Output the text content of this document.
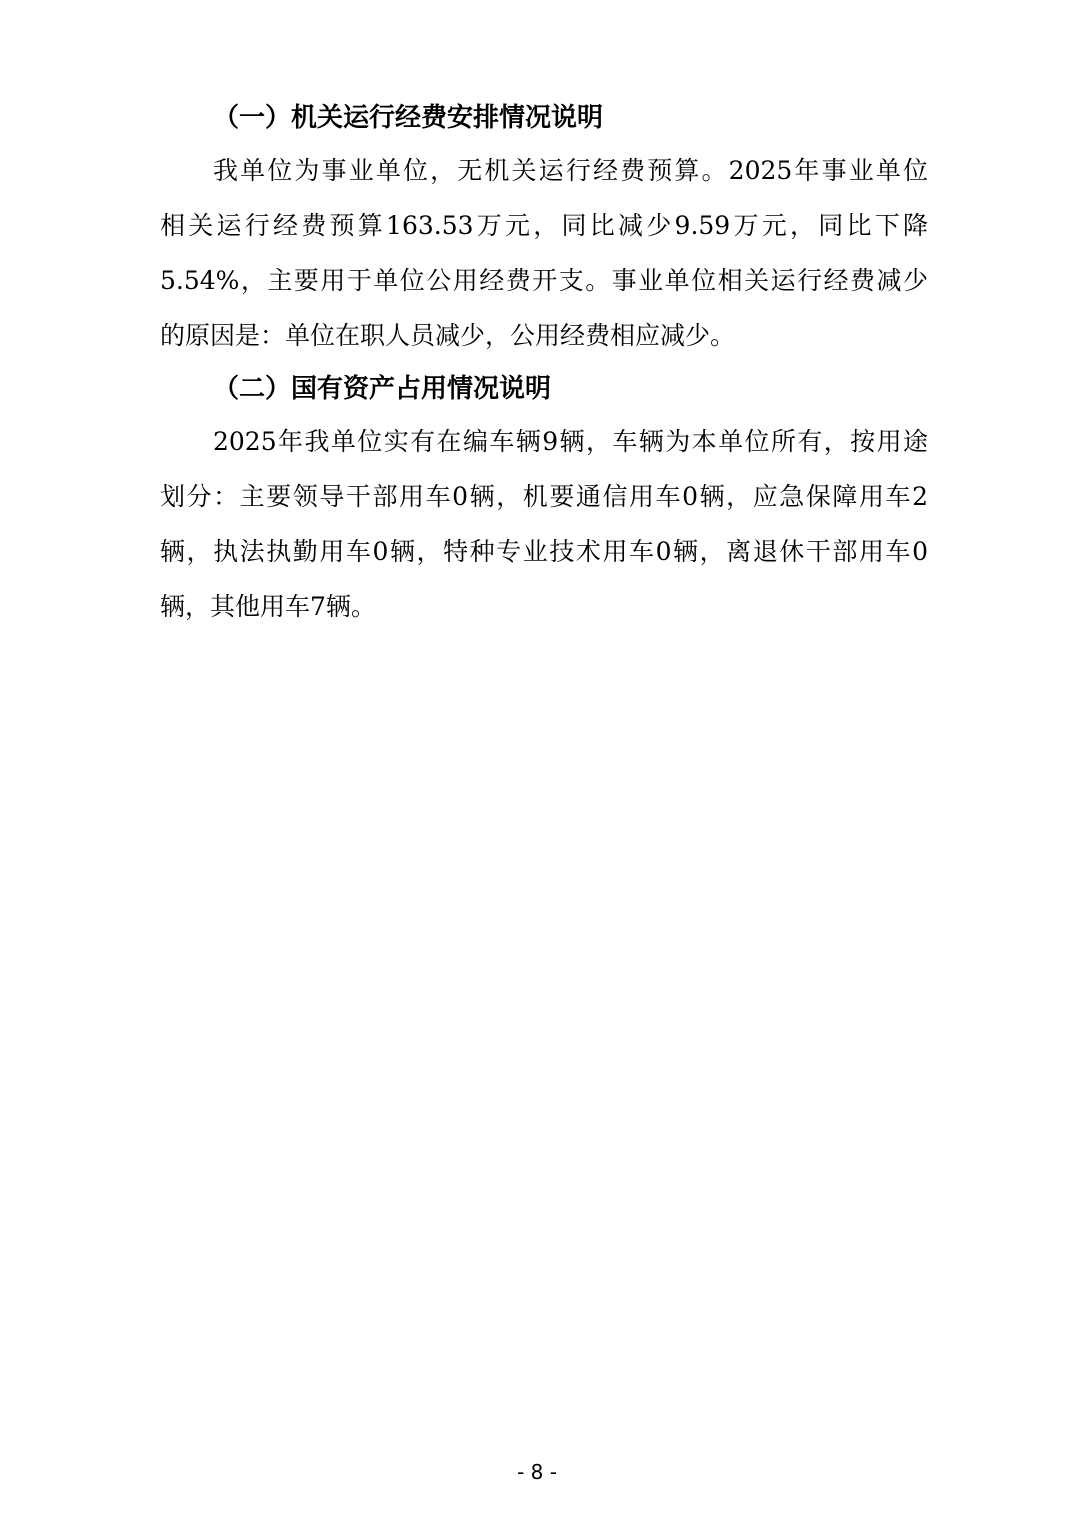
（一）机关运行经费安排情况说明
我单位为事业单位，无机关运行经费预算。2025年事业单位
相关运行经费预算163.53万元，同比减少9.59万元，同比下降
5.54%，主要用于单位公用经费开支。事业单位相关运行经费减少
的原因是：单位在职人员减少，公用经费相应减少。
（二）国有资产占用情况说明
2025年我单位实有在编车辆9辆，车辆为本单位所有，按用途
划分：主要领导干部用车0辆，机要通信用车0辆，应急保障用车2
辆，执法执勤用车0辆，特种专业技术用车0辆，离退休干部用车0
辆，其他用车7辆。
- 8 -
